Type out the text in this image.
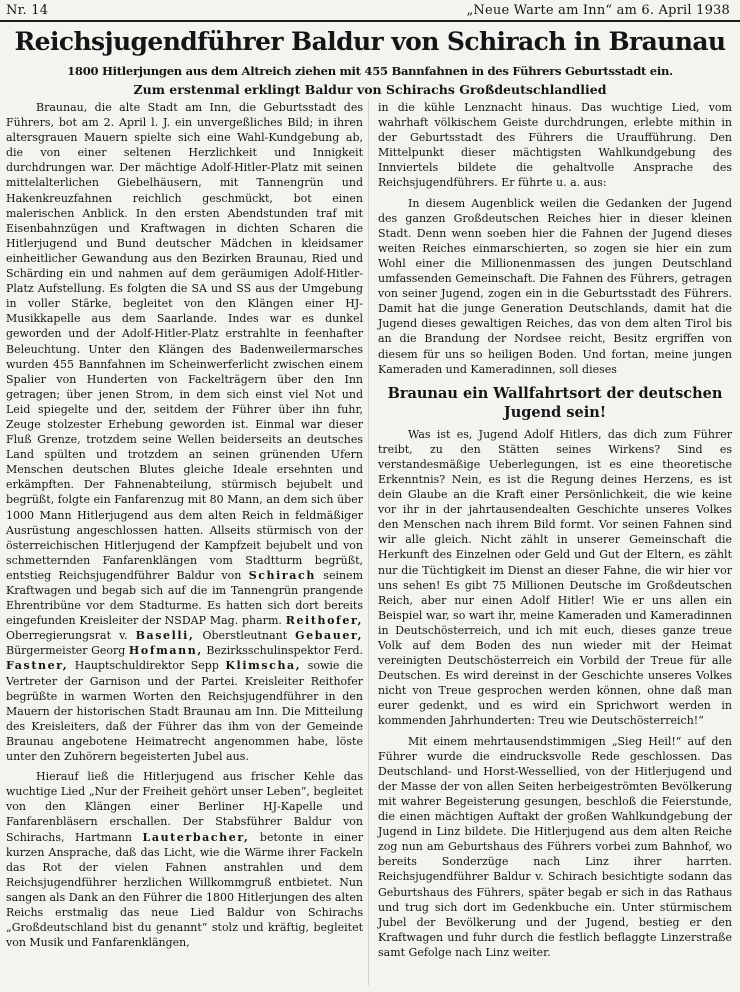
Nr. 14	„Neue Warte am Inn“ am 6. April 1938
Reichsjugendführer Baldur von Schirach in Braunau
1800 Hitlerjungen aus dem Altreich ziehen mit 455 Bannfahnen in des Führers Geburtsstadt ein.
Zum erstenmal erklingt Baldur von Schirachs Großdeutschlandlied

Braunau, die alte Stadt am Inn, die Geburtsstadt des Führers, bot am 2. April l. J. ein unvergeßliches Bild; in ihren altersgrauen Mauern spielte sich eine Wahl-Kundgebung ab, die von einer seltenen Herzlichkeit und Innigkeit durchdrungen war. Der mächtige Adolf-Hitler-Platz mit seinen mittelalterlichen Giebelhäusern, mit Tannengrün und Hakenkreuzfahnen reichlich geschmückt, bot einen malerischen Anblick. In den ersten Abendstunden traf mit Eisenbahnzügen und Kraftwagen in dichten Scharen die Hitlerjugend und Bund deutscher Mädchen in kleidsamer einheitlicher Gewandung aus den Bezirken Braunau, Ried und Schärding ein und nahmen auf dem geräumigen Adolf-Hitler-Platz Aufstellung. Es folgten die SA und SS aus der Umgebung in voller Stärke, begleitet von den Klängen einer HJ-Musikkapelle aus dem Saarlande. Indes war es dunkel geworden und der Adolf-Hitler-Platz erstrahlte in feenhafter Beleuchtung. Unter den Klängen des Badenweilermarsches wurden 455 Bannfahnen im Scheinwerferlicht zwischen einem Spalier von Hunderten von Fackelträgern über den Inn getragen; über jenen Strom, in dem sich einst viel Not und Leid spiegelte und der, seitdem der Führer über ihn fuhr, Zeuge stolzester Erhebung geworden ist. Einmal war dieser Fluß Grenze, trotzdem seine Wellen beiderseits an deutsches Land spülten und trotzdem an seinen grünenden Ufern Menschen deutschen Blutes gleiche Ideale ersehnten und erkämpften. Der Fahnenabteilung, stürmisch bejubelt und begrüßt, folgte ein Fanfarenzug mit 80 Mann, an dem sich über 1000 Mann Hitlerjugend aus dem alten Reich in feldmäßiger Ausrüstung angeschlossen hatten. Allseits stürmisch von der österreichischen Hitlerjugend der Kampfzeit bejubelt und von schmetternden Fanfarenklängen vom Stadtturm begrüßt, entstieg Reichsjugendführer Baldur von Schirach seinem Kraftwagen und begab sich auf die im Tannengrün prangende Ehrentribüne vor dem Stadturme. Es hatten sich dort bereits eingefunden Kreisleiter der NSDAP Mag. pharm. Reithofer, Oberregierungsrat v. Baselli, Oberstleutnant Gebauer, Bürgermeister Georg Hofmann, Bezirksschulinspektor Ferd. Fastner, Hauptschuldirektor Sepp Klimscha, sowie die Vertreter der Garnison und der Partei. Kreisleiter Reithofer begrüßte in warmen Worten den Reichsjugendführer in den Mauern der historischen Stadt Braunau am Inn. Die Mitteilung des Kreisleiters, daß der Führer das ihm von der Gemeinde Braunau angebotene Heimatrecht angenommen habe, löste unter den Zuhörern begeisterten Jubel aus.

Hierauf ließ die Hitlerjugend aus frischer Kehle das wuchtige Lied „Nur der Freiheit gehört unser Leben“, begleitet von den Klängen einer Berliner HJ-Kapelle und Fanfarenbläsern erschallen. Der Stabsführer Baldur von Schirachs, Hartmann Lauterbacher, betonte in einer kurzen Ansprache, daß das Licht, wie die Wärme ihrer Fackeln das Rot der vielen Fahnen anstrahlen und dem Reichsjugendführer herzlichen Willkommgruß entbietet. Nun sangen als Dank an den Führer die 1800 Hitlerjungen des alten Reichs erstmalig das neue Lied Baldur von Schirachs „Großdeutschland bist du genannt“ stolz und kräftig, begleitet von Musik und Fanfarenklängen,

in die kühle Lenznacht hinaus. Das wuchtige Lied, vom wahrhaft völkischem Geiste durchdrungen, erlebte mithin in der Geburtsstadt des Führers die Uraufführung. Den Mittelpunkt dieser mächtigsten Wahlkundgebung des Innviertels bildete die gehaltvolle Ansprache des Reichsjugendführers. Er führte u. a. aus:

In diesem Augenblick weilen die Gedanken der Jugend des ganzen Großdeutschen Reiches hier in dieser kleinen Stadt. Denn wenn soeben hier die Fahnen der Jugend dieses weiten Reiches einmarschierten, so zogen sie hier ein zum Wohl einer die Millionenmassen des jungen Deutschland umfassenden Gemeinschaft. Die Fahnen des Führers, getragen von seiner Jugend, zogen ein in die Geburtsstadt des Führers. Damit hat die junge Generation Deutschlands, damit hat die Jugend dieses gewaltigen Reiches, das von dem alten Tirol bis an die Brandung der Nordsee reicht, Besitz ergriffen von diesem für uns so heiligen Boden. Und fortan, meine jungen Kameraden und Kameradinnen, soll dieses

Braunau ein Wallfahrtsort der deutschen Jugend sein!

Was ist es, Jugend Adolf Hitlers, das dich zum Führer treibt, zu den Stätten seines Wirkens? Sind es verstandesmäßige Ueberlegungen, ist es eine theoretische Erkenntnis? Nein, es ist die Regung deines Herzens, es ist dein Glaube an die Kraft einer Persönlichkeit, die wie keine vor ihr in der jahrtausendealten Geschichte unseres Volkes den Menschen nach ihrem Bild formt. Vor seinen Fahnen sind wir alle gleich. Nicht zählt in unserer Gemeinschaft die Herkunft des Einzelnen oder Geld und Gut der Eltern, es zählt nur die Tüchtigkeit im Dienst an dieser Fahne, die wir hier vor uns sehen! Es gibt 75 Millionen Deutsche im Großdeutschen Reich, aber nur einen Adolf Hitler! Wie er uns allen ein Beispiel war, so wart ihr, meine Kameraden und Kameradinnen in Deutschösterreich, und ich mit euch, dieses ganze treue Volk auf dem Boden des nun wieder mit der Heimat vereinigten Deutschösterreich ein Vorbild der Treue für alle Deutschen. Es wird dereinst in der Geschichte unseres Volkes nicht von Treue gesprochen werden können, ohne daß man eurer gedenkt, und es wird ein Sprichwort werden in kommenden Jahrhunderten: Treu wie Deutschösterreich!“

Mit einem mehrtausendstimmigen „Sieg Heil!“ auf den Führer wurde die eindrucksvolle Rede geschlossen. Das Deutschland- und Horst-Wessellied, von der Hitlerjugend und der Masse der von allen Seiten herbeigeströmten Bevölkerung mit wahrer Begeisterung gesungen, beschloß die Feierstunde, die einen mächtigen Auftakt der großen Wahlkundgebung der Jugend in Linz bildete. Die Hitlerjugend aus dem alten Reiche zog nun am Geburtshaus des Führers vorbei zum Bahnhof, wo bereits Sonderzüge nach Linz ihrer harrten. Reichsjugendführer Baldur v. Schirach besichtigte sodann das Geburtshaus des Führers, später begab er sich in das Rathaus und trug sich dort im Gedenkbuche ein. Unter stürmischem Jubel der Bevölkerung und der Jugend, bestieg er den Kraftwagen und fuhr durch die festlich beflaggte Linzerstraße samt Gefolge nach Linz weiter.
